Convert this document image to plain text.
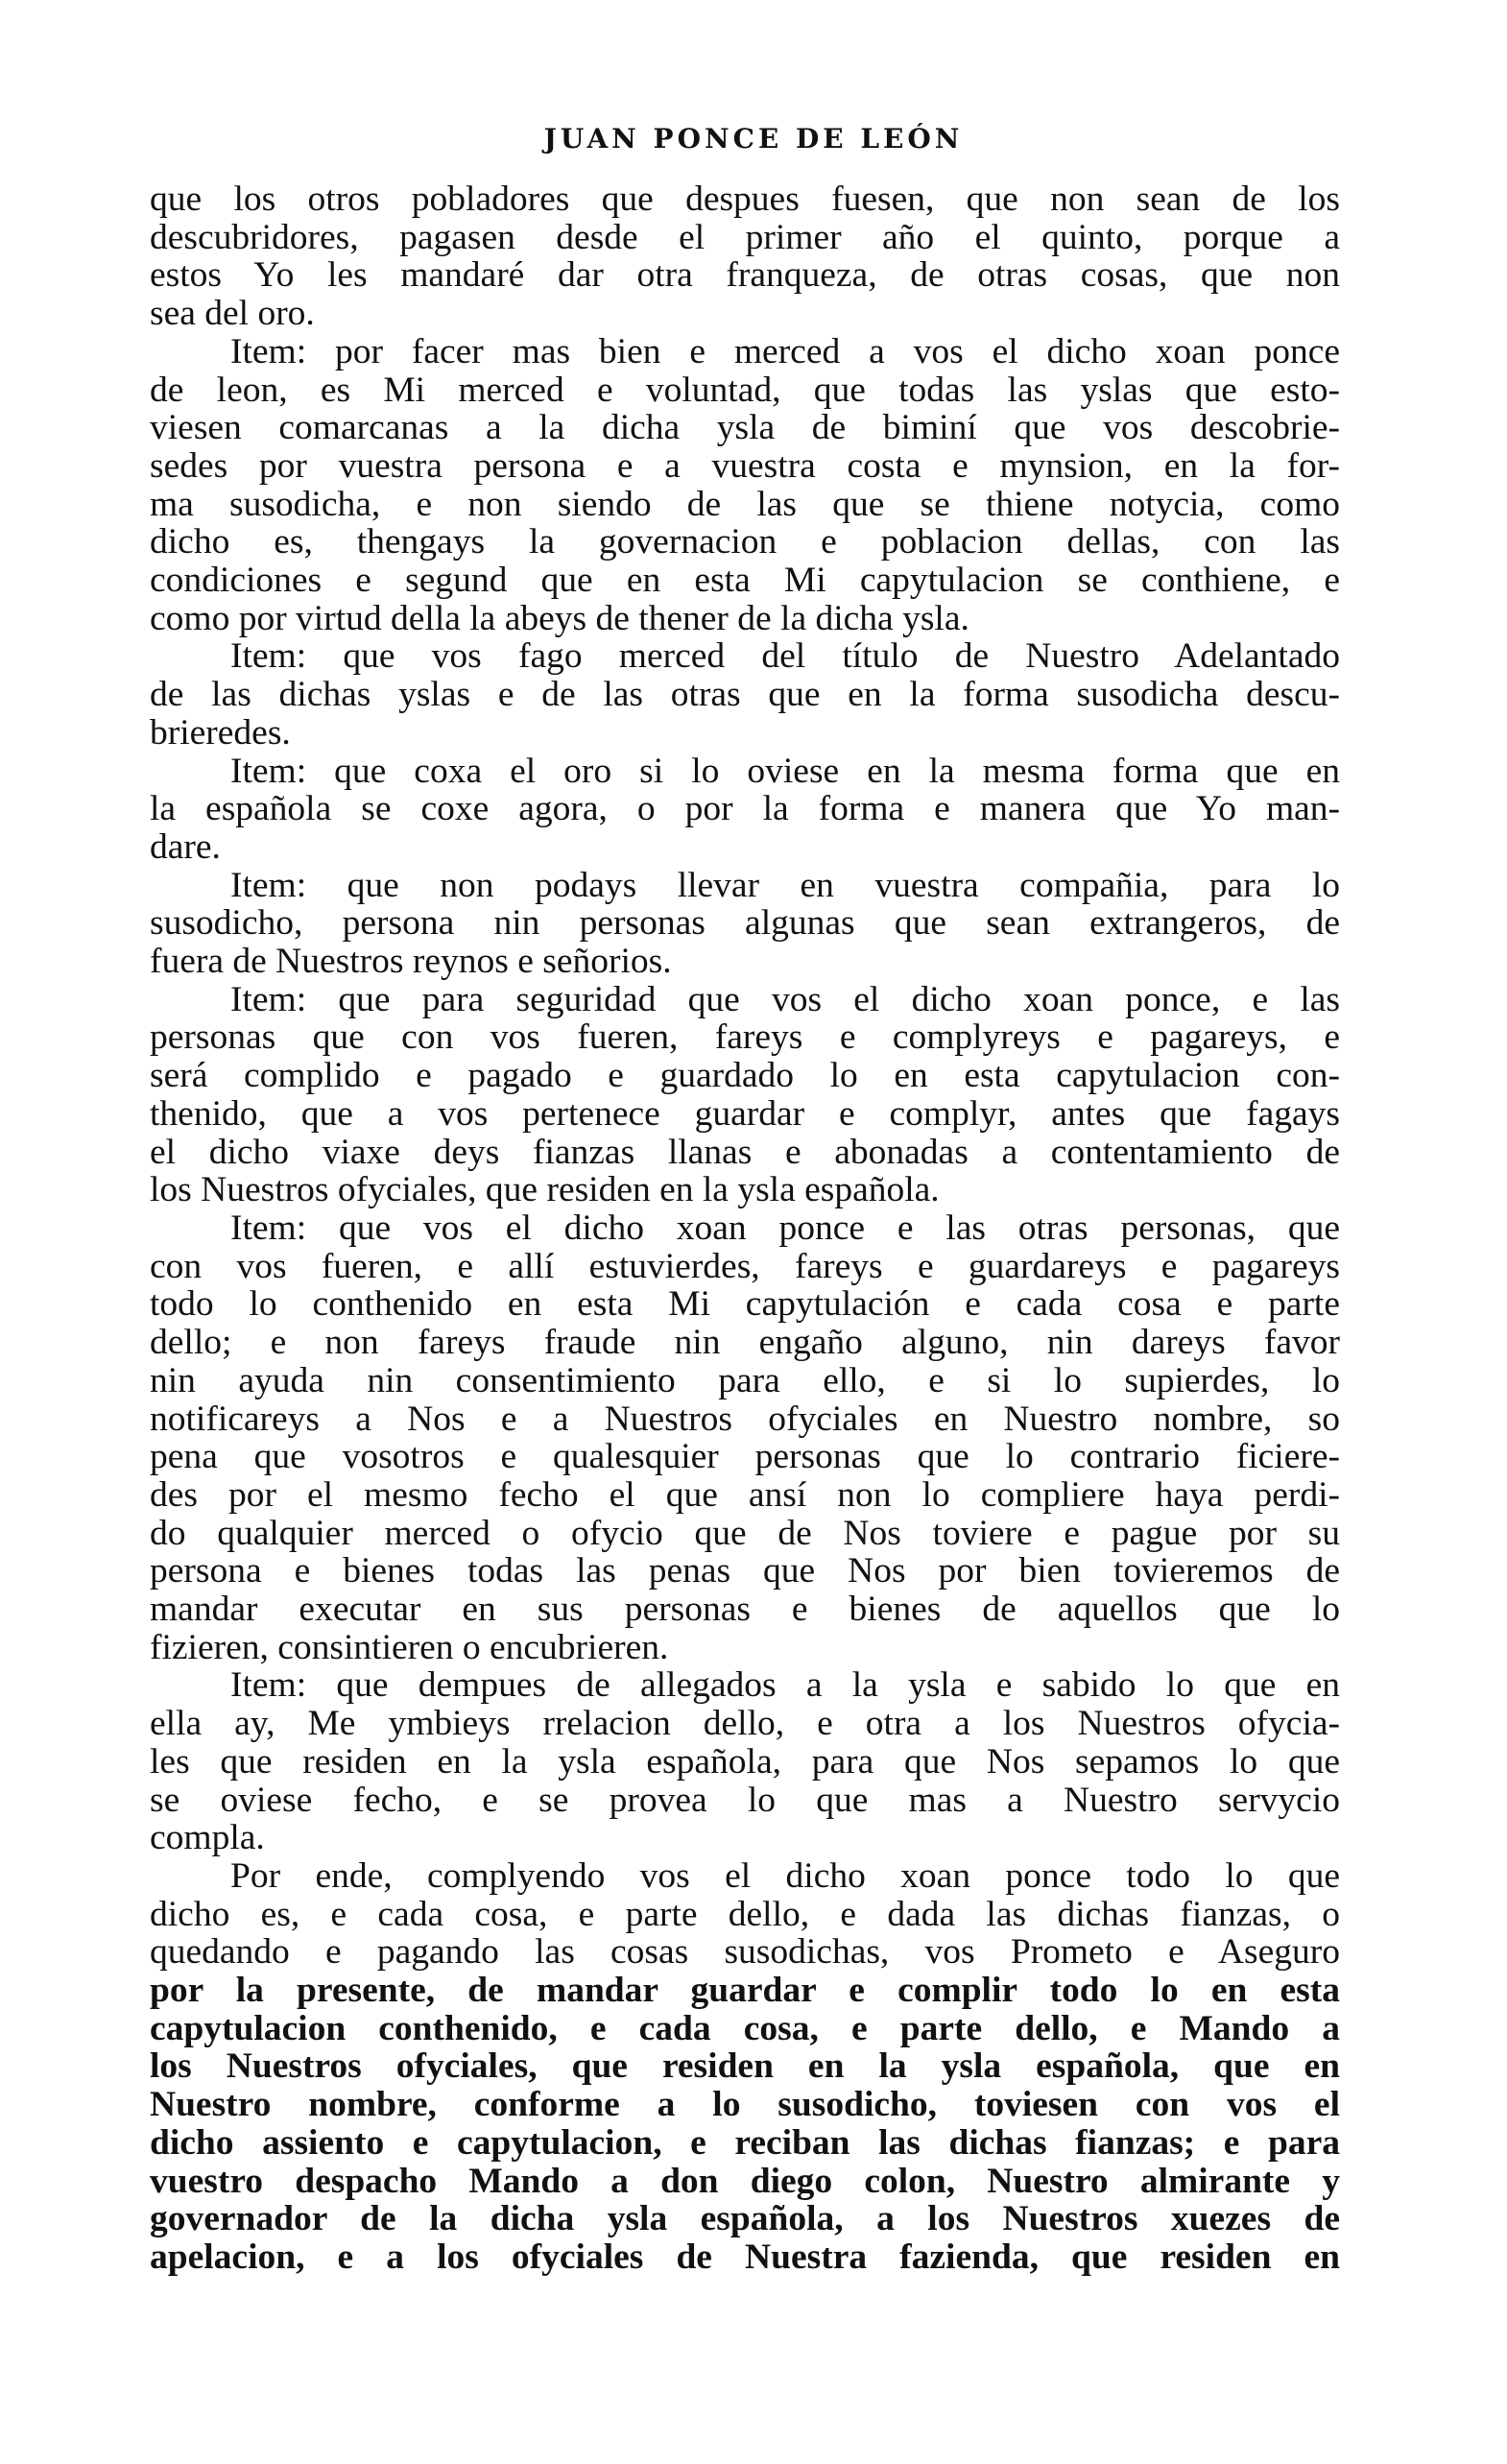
JUAN PONCE DE LEÓN
que los otros pobladores que despues fuesen, que non sean de los
descubridores, pagasen desde el primer año el quinto, porque a
estos Yo les mandaré dar otra franqueza, de otras cosas, que non
sea del oro.
Item: por facer mas bien e merced a vos el dicho xoan ponce
de leon, es Mi merced e voluntad, que todas las yslas que esto-
viesen comarcanas a la dicha ysla de biminí que vos descobrie-
sedes por vuestra persona e a vuestra costa e mynsion, en la for-
ma susodicha, e non siendo de las que se thiene notycia, como
dicho es, thengays la governacion e poblacion dellas, con las
condiciones e segund que en esta Mi capytulacion se conthiene, e
como por virtud della la abeys de thener de la dicha ysla.
Item: que vos fago merced del título de Nuestro Adelantado
de las dichas yslas e de las otras que en la forma susodicha descu-
brieredes.
Item: que coxa el oro si lo oviese en la mesma forma que en
la española se coxe agora, o por la forma e manera que Yo man-
dare.
Item: que non podays llevar en vuestra compañia, para lo
susodicho, persona nin personas algunas que sean extrangeros, de
fuera de Nuestros reynos e señorios.
Item: que para seguridad que vos el dicho xoan ponce, e las
personas que con vos fueren, fareys e complyreys e pagareys, e
será complido e pagado e guardado lo en esta capytulacion con-
thenido, que a vos pertenece guardar e complyr, antes que fagays
el dicho viaxe deys fianzas llanas e abonadas a contentamiento de
los Nuestros ofyciales, que residen en la ysla española.
Item: que vos el dicho xoan ponce e las otras personas, que
con vos fueren, e allí estuvierdes, fareys e guardareys e pagareys
todo lo conthenido en esta Mi capytulación e cada cosa e parte
dello; e non fareys fraude nin engaño alguno, nin dareys favor
nin ayuda nin consentimiento para ello, e si lo supierdes, lo
notificareys a Nos e a Nuestros ofyciales en Nuestro nombre, so
pena que vosotros e qualesquier personas que lo contrario ficiere-
des por el mesmo fecho el que ansí non lo compliere haya perdi-
do qualquier merced o ofycio que de Nos toviere e pague por su
persona e bienes todas las penas que Nos por bien tovieremos de
mandar executar en sus personas e bienes de aquellos que lo
fizieren, consintieren o encubrieren.
Item: que dempues de allegados a la ysla e sabido lo que en
ella ay, Me ymbieys rrelacion dello, e otra a los Nuestros ofycia-
les que residen en la ysla española, para que Nos sepamos lo que
se oviese fecho, e se provea lo que mas a Nuestro servycio
compla.
Por ende, complyendo vos el dicho xoan ponce todo lo que
dicho es, e cada cosa, e parte dello, e dada las dichas fianzas, o
quedando e pagando las cosas susodichas, vos Prometo e Aseguro
por la presente, de mandar guardar e complir todo lo en esta
capytulacion conthenido, e cada cosa, e parte dello, e Mando a
los Nuestros ofyciales, que residen en la ysla española, que en
Nuestro nombre, conforme a lo susodicho, toviesen con vos el
dicho assiento e capytulacion, e reciban las dichas fianzas; e para
vuestro despacho Mando a don diego colon, Nuestro almirante y
governador de la dicha ysla española, a los Nuestros xuezes de
apelacion, e a los ofyciales de Nuestra fazienda, que residen en
